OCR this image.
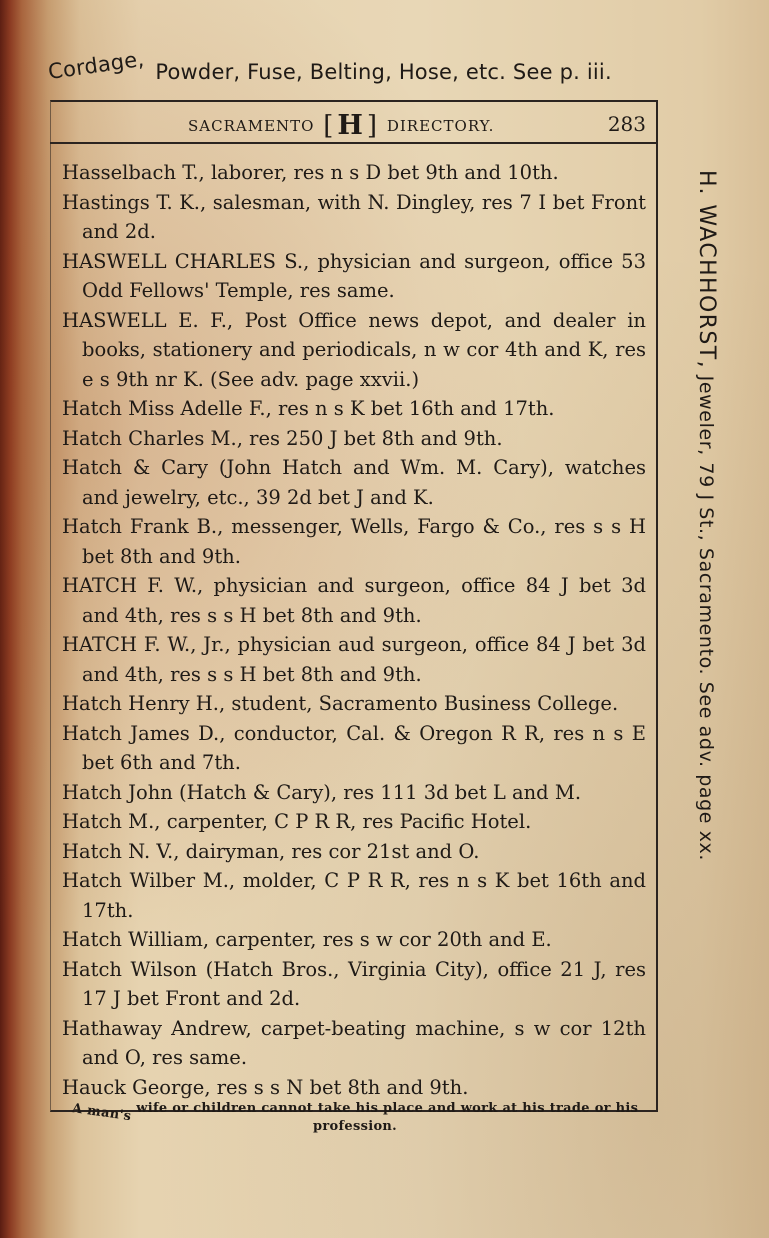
Cordage, Powder, Fuse, Belting, Hose, etc. See p. iii.
SACRAMENTO [ H ] DIRECTORY.	283
Hasselbach T., laborer, res n s D bet 9th and 10th.
Hastings T. K., salesman, with N. Dingley, res 7 I bet Front and 2d.
HASWELL CHARLES S., physician and surgeon, office 53 Odd Fellows' Temple, res same.
HASWELL E. F., Post Office news depot, and dealer in books, stationery and periodicals, n w cor 4th and K, res e s 9th nr K. (See adv. page xxvii.)
Hatch Miss Adelle F., res n s K bet 16th and 17th.
Hatch Charles M., res 250 J bet 8th and 9th.
Hatch & Cary (John Hatch and Wm. M. Cary), watches and jewelry, etc., 39 2d bet J and K.
Hatch Frank B., messenger, Wells, Fargo & Co., res s s H bet 8th and 9th.
HATCH F. W., physician and surgeon, office 84 J bet 3d and 4th, res s s H bet 8th and 9th.
HATCH F. W., Jr., physician aud surgeon, office 84 J bet 3d and 4th, res s s H bet 8th and 9th.
Hatch Henry H., student, Sacramento Business College.
Hatch James D., conductor, Cal. & Oregon R R, res n s E bet 6th and 7th.
Hatch John (Hatch & Cary), res 111 3d bet L and M.
Hatch M., carpenter, C P R R, res Pacific Hotel.
Hatch N. V., dairyman, res cor 21st and O.
Hatch Wilber M., molder, C P R R, res n s K bet 16th and 17th.
Hatch William, carpenter, res s w cor 20th and E.
Hatch Wilson (Hatch Bros., Virginia City), office 21 J, res 17 J bet Front and 2d.
Hathaway Andrew, carpet-beating machine, s w cor 12th and O, res same.
Hauck George, res s s N bet 8th and 9th.
H. WACHHORST, Jeweler, 79 J St., Sacramento. See adv. page xx.
A man's wife or children cannot take his place and work at his trade or his profession.
